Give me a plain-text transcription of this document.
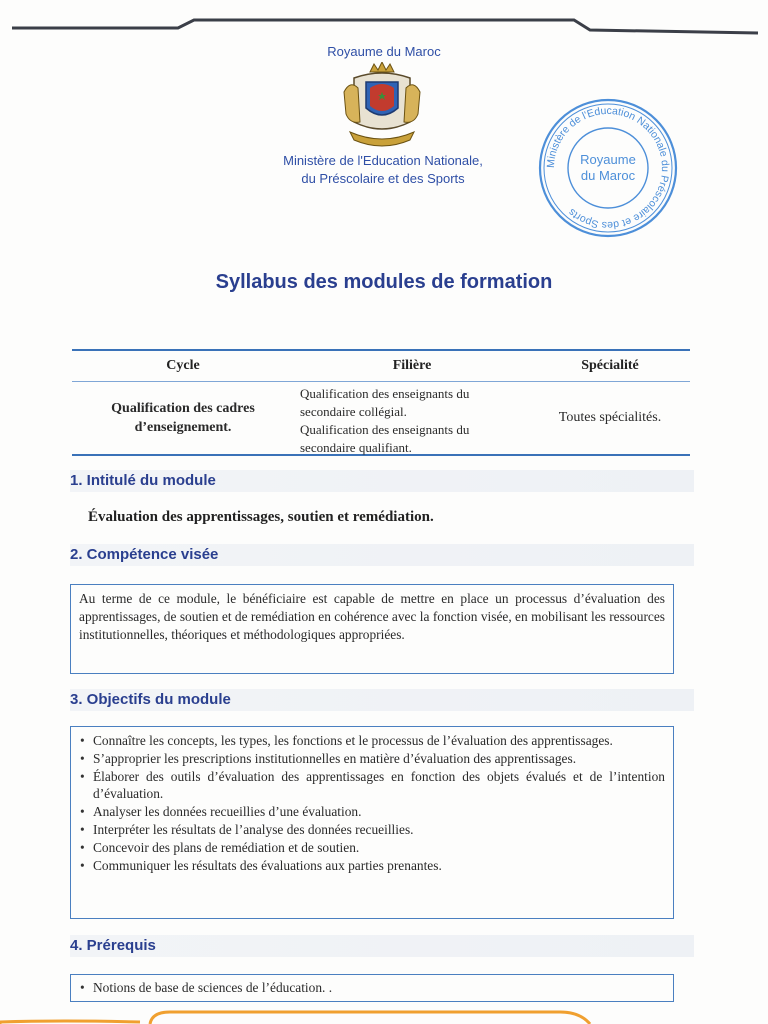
Royaume du Maroc
Ministère de l'Education Nationale,
du Préscolaire et des Sports
Ministère de l'Education Nationale du Préscolaire et des Sports
Royaume
du Maroc
Syllabus des modules de formation
Cycle	Filière	Spécialité
Qualification des cadres
d’enseignement.
Qualification des enseignants du
secondaire collégial.
Qualification des enseignants du
secondaire qualifiant.
Toutes spécialités.
1. Intitulé du module
Évaluation des apprentissages, soutien et remédiation.
2. Compétence visée

Au terme de ce module, le bénéficiaire est capable de mettre en place un processus d’évaluation des apprentissages, de soutien et de remédiation en cohérence avec la fonction visée, en mobilisant les ressources institutionnelles, théoriques et méthodologiques appropriées.

3. Objectifs du module
• Connaître les concepts, les types, les fonctions et le processus de l’évaluation des apprentissages.
• S’approprier les prescriptions institutionnelles en matière d’évaluation des apprentissages.
• Élaborer des outils d’évaluation des apprentissages en fonction des objets évalués et de l’intention d’évaluation.
• Analyser les données recueillies d’une évaluation.
• Interpréter les résultats de l’analyse des données recueillies.
• Concevoir des plans de remédiation et de soutien.
• Communiquer les résultats des évaluations aux parties prenantes.
4. Prérequis
• Notions de base de sciences de l’éducation. .
